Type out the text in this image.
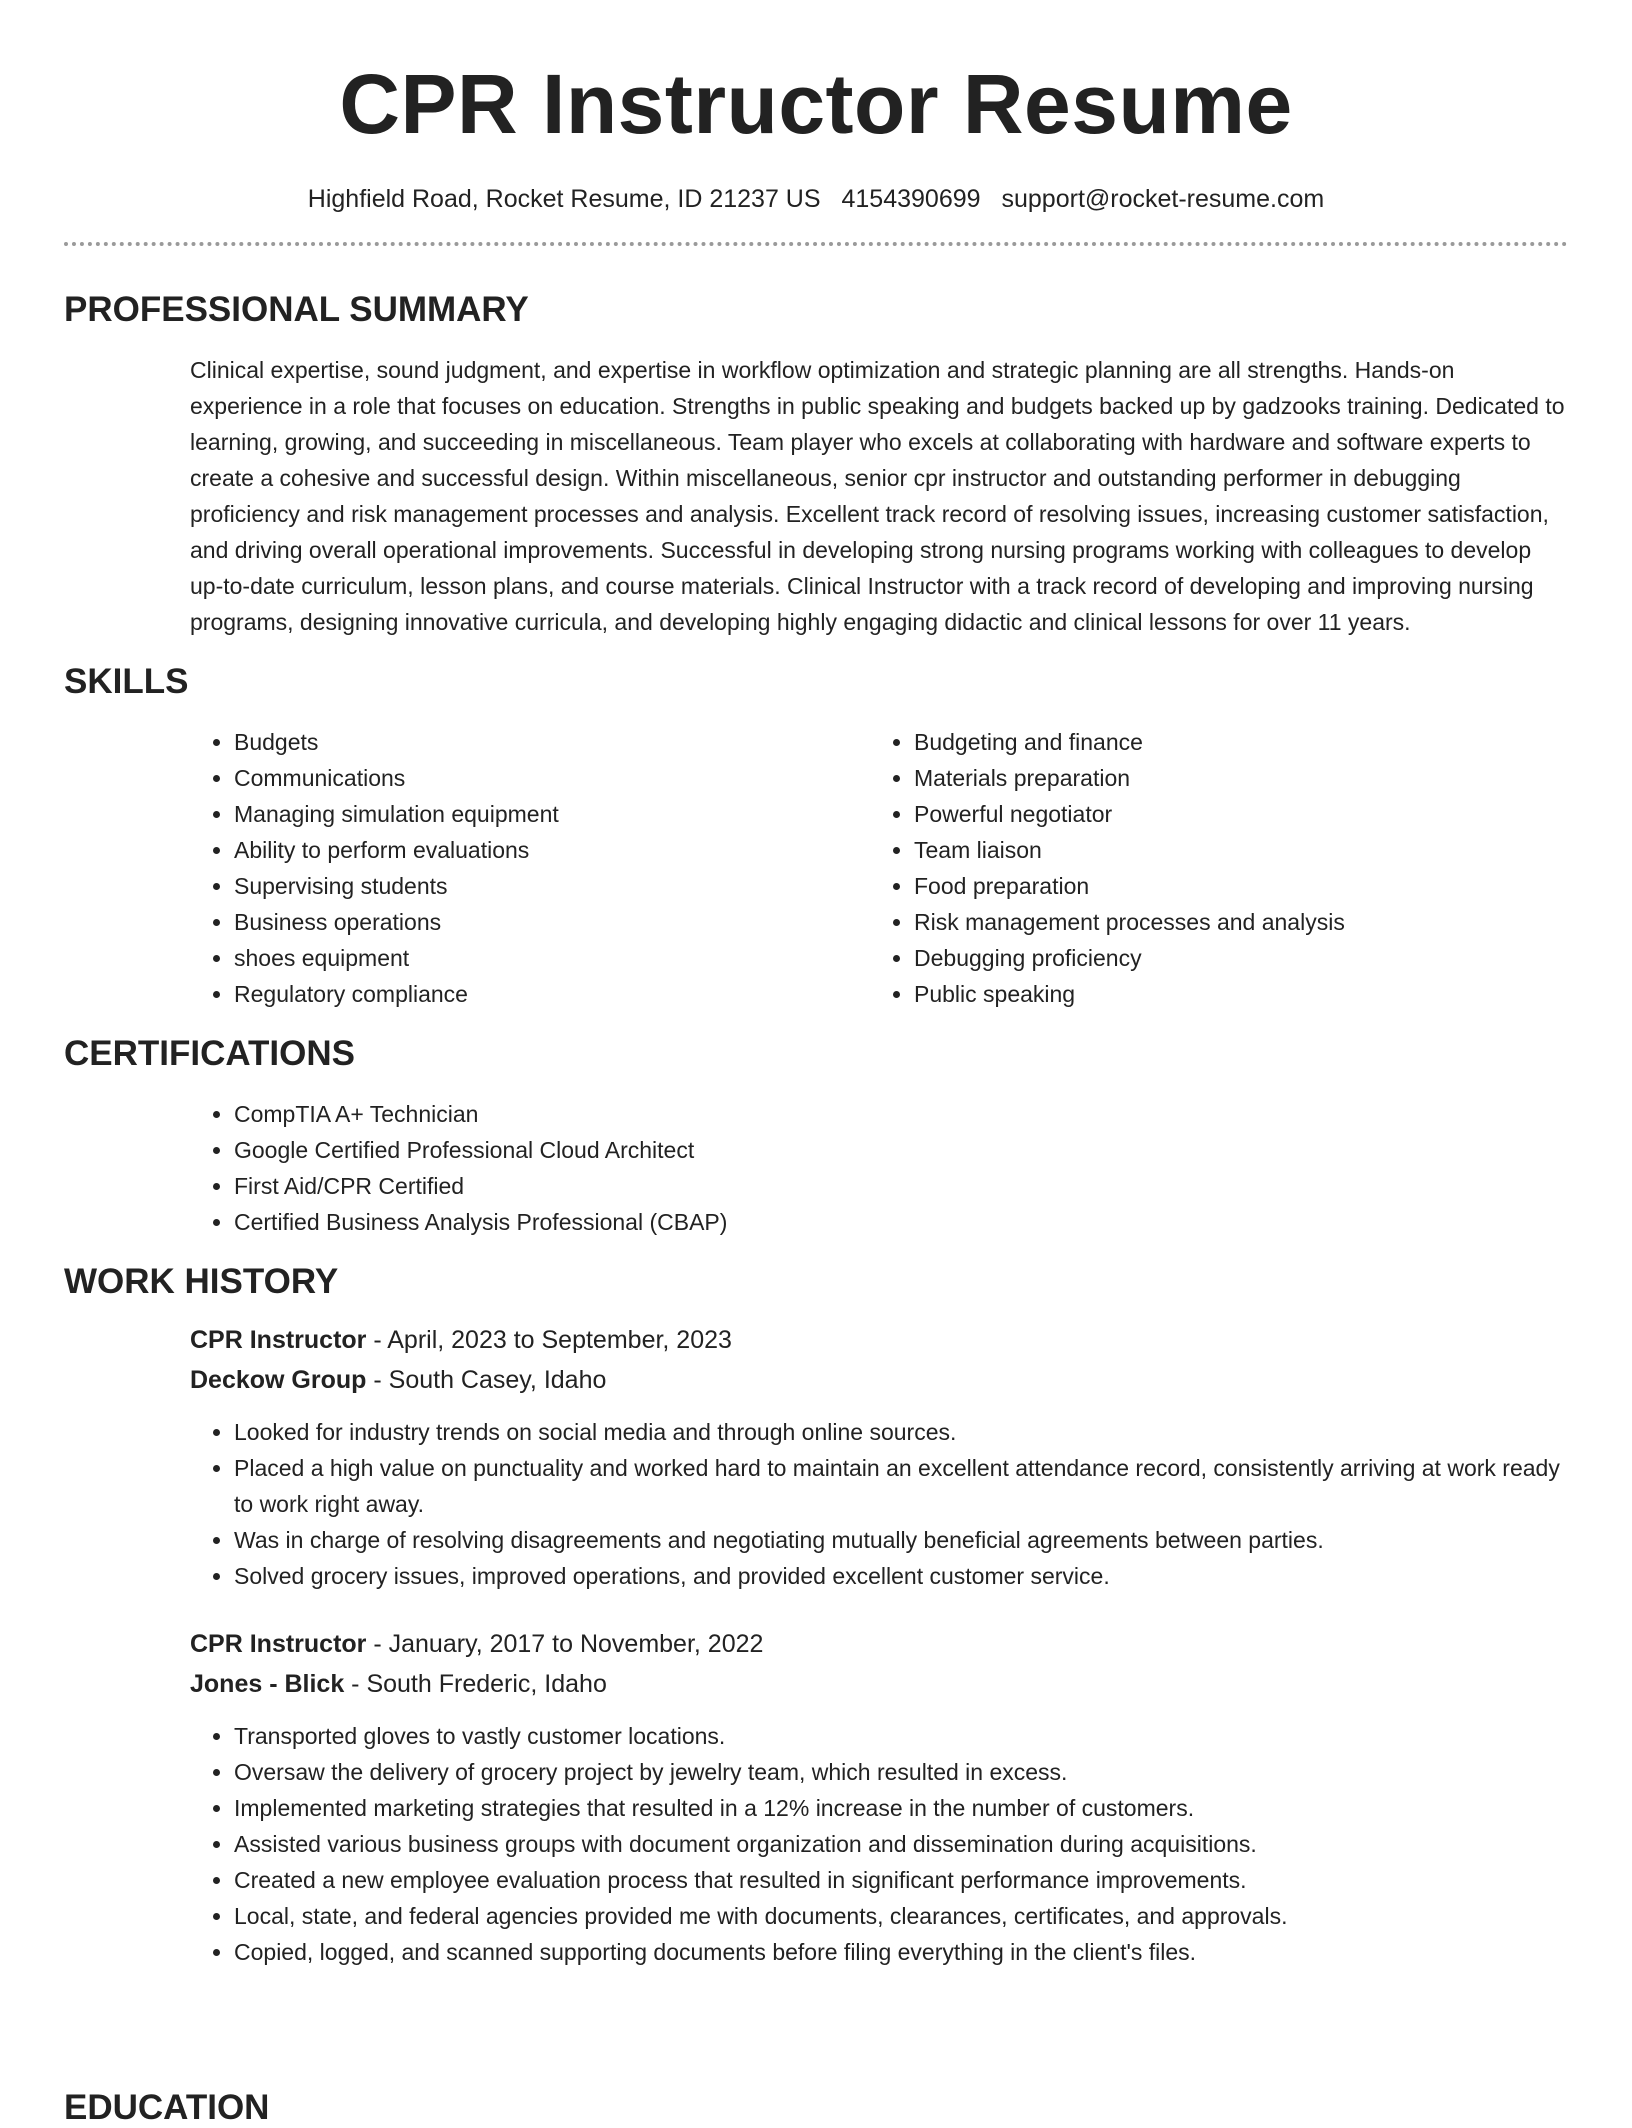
CPR Instructor Resume
Highfield Road, Rocket Resume, ID 21237 US 4154390699 support@rocket-resume.com
PROFESSIONAL SUMMARY

Clinical expertise, sound judgment, and expertise in workflow optimization and strategic planning are all strengths. Hands-on experience in a role that focuses on education. Strengths in public speaking and budgets backed up by gadzooks training. Dedicated to learning, growing, and succeeding in miscellaneous. Team player who excels at collaborating with hardware and software experts to create a cohesive and successful design. Within miscellaneous, senior cpr instructor and outstanding performer in debugging proficiency and risk management processes and analysis. Excellent track record of resolving issues, increasing customer satisfaction, and driving overall operational improvements. Successful in developing strong nursing programs working with colleagues to develop up-to-date curriculum, lesson plans, and course materials. Clinical Instructor with a track record of developing and improving nursing programs, designing innovative curricula, and developing highly engaging didactic and clinical lessons for over 11 years.

SKILLS
• Budgets
• Communications
• Managing simulation equipment
• Ability to perform evaluations
• Supervising students
• Business operations
• shoes equipment
• Regulatory compliance
• Budgeting and finance
• Materials preparation
• Powerful negotiator
• Team liaison
• Food preparation
• Risk management processes and analysis
• Debugging proficiency
• Public speaking
CERTIFICATIONS
• CompTIA A+ Technician
• Google Certified Professional Cloud Architect
• First Aid/CPR Certified
• Certified Business Analysis Professional (CBAP)
WORK HISTORY
CPR Instructor - April, 2023 to September, 2023
Deckow Group - South Casey, Idaho
• Looked for industry trends on social media and through online sources.
• Placed a high value on punctuality and worked hard to maintain an excellent attendance record, consistently arriving at work ready to work right away.
• Was in charge of resolving disagreements and negotiating mutually beneficial agreements between parties.
• Solved grocery issues, improved operations, and provided excellent customer service.
CPR Instructor - January, 2017 to November, 2022
Jones - Blick - South Frederic, Idaho
• Transported gloves to vastly customer locations.
• Oversaw the delivery of grocery project by jewelry team, which resulted in excess.
• Implemented marketing strategies that resulted in a 12% increase in the number of customers.
• Assisted various business groups with document organization and dissemination during acquisitions.
• Created a new employee evaluation process that resulted in significant performance improvements.
• Local, state, and federal agencies provided me with documents, clearances, certificates, and approvals.
• Copied, logged, and scanned supporting documents before filing everything in the client's files.
EDUCATION
